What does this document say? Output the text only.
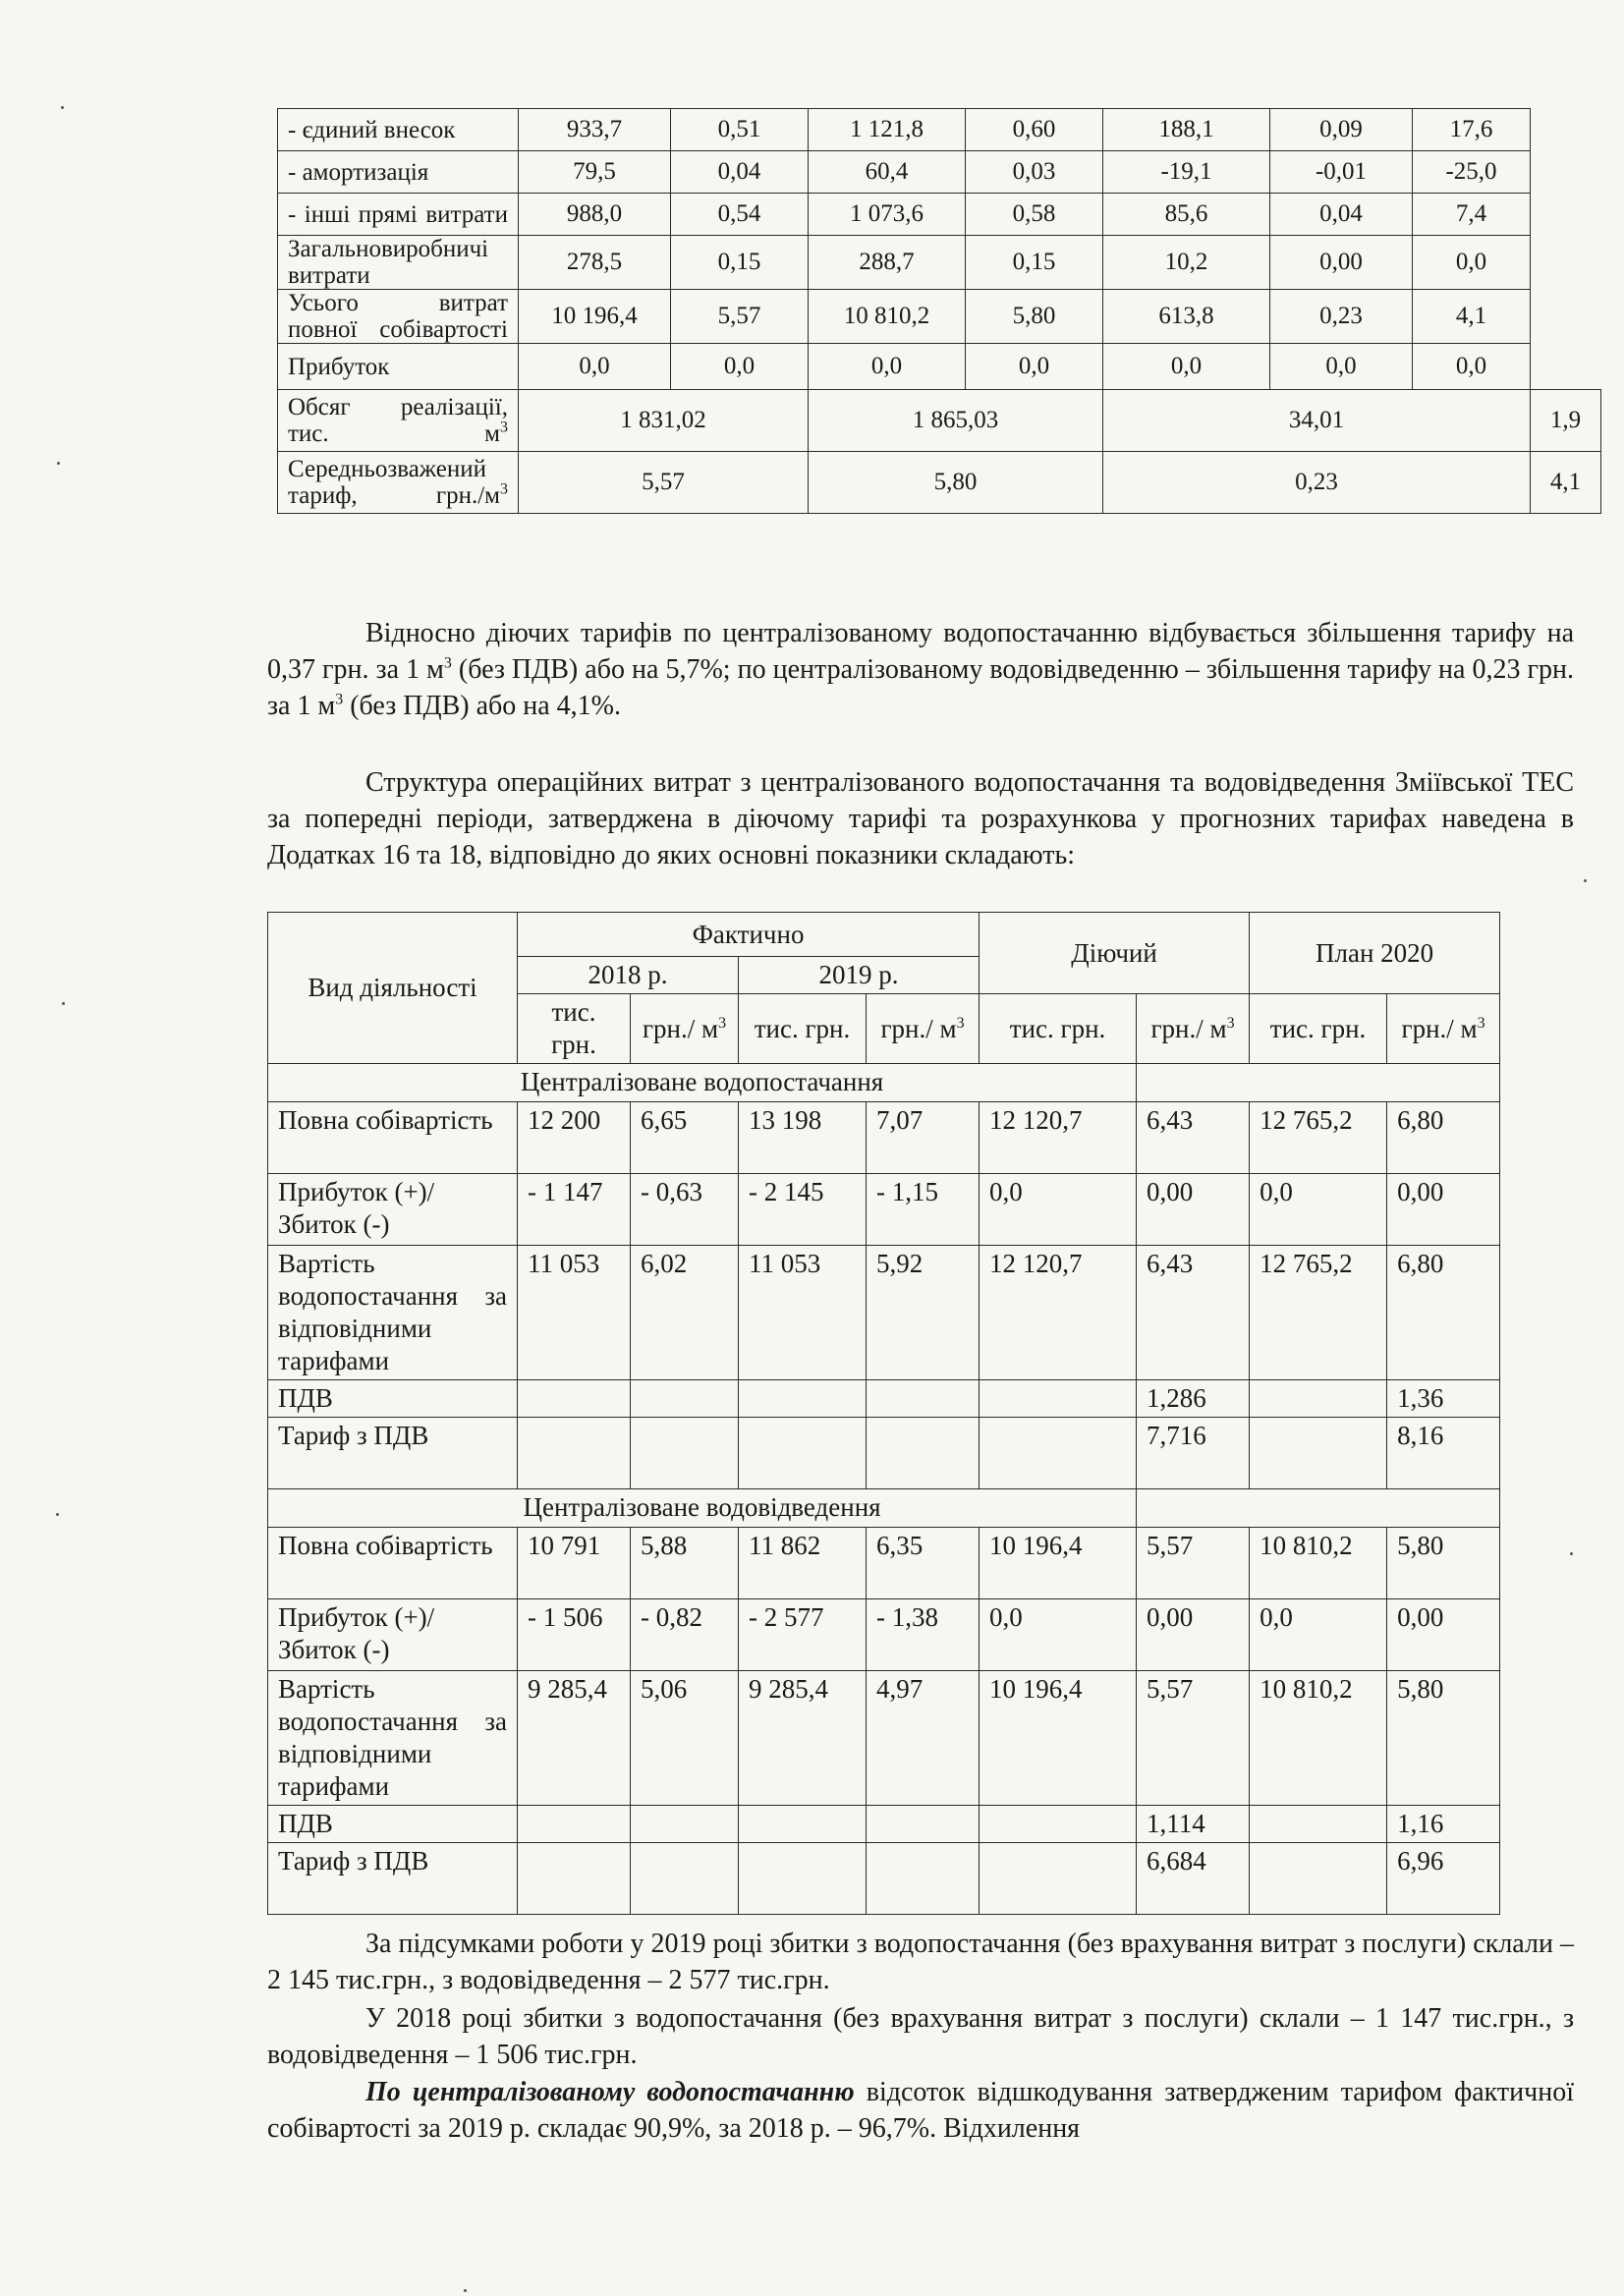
- єдиний внесок	933,7	0,51	1 121,8	0,60	188,1	0,09	17,6	
- амортизація	79,5	0,04	60,4	0,03	-19,1	-0,01	-25,0	
- інші прямі витрати	988,0	0,54	1 073,6	0,58	85,6	0,04	7,4	
Загальновиробничі витрати	278,5	0,15	288,7	0,15	10,2	0,00	0,0	
Усього витрат повної собівартості	10 196,4	5,57	10 810,2	5,80	613,8	0,23	4,1	
Прибуток	0,0	0,0	0,0	0,0	0,0	0,0	0,0	
Обсяг реалізації, тис. $м^3$	1 831,02		1 865,03		34,01			1,9
Середньозважений тариф, $грн./м^3$	5,57		5,80		0,23			4,1

Відносно діючих тарифів по централізованому водопостачанню відбувається збільшення тарифу на 0,37 грн. за 1 $м^3$ (без ПДВ) або на 5,7%; по централізованому водовідведенню – збільшення тарифу на 0,23 грн. за 1 $м^3$ (без ПДВ) або на 4,1%.

Структура операційних витрат з централізованого водопостачання та водовідведення Зміївської ТЕС за попередні періоди, затверджена в діючому тарифі та розрахункова у прогнозних тарифах наведена в Додатках 16 та 18, відповідно до яких основні показники складають:

Вид діяльності	Фактично				Діючий		План 2020	
	2018 р.		2019 р.					
	тис. грн.	грн./ $м^3$	тис. грн.	грн./ $м^3$	тис. грн.	грн./ $м^3$	тис. грн.	грн./ $м^3$
Централізоване водопостачання								
Повна собівартість	12 200	6,65	13 198	7,07	12 120,7	6,43	12 765,2	6,80
Прибуток (+)/ Збиток (-)	- 1 147	- 0,63	- 2 145	- 1,15	0,0	0,00	0,0	0,00
Вартість водопостачання за відповідними тарифами	11 053	6,02	11 053	5,92	12 120,7	6,43	12 765,2	6,80
ПДВ						1,286		1,36
Тариф з ПДВ						7,716		8,16
Централізоване водовідведення								
Повна собівартість	10 791	5,88	11 862	6,35	10 196,4	5,57	10 810,2	5,80
Прибуток (+)/ Збиток (-)	- 1 506	- 0,82	- 2 577	- 1,38	0,0	0,00	0,0	0,00
Вартість водопостачання за відповідними тарифами	9 285,4	5,06	9 285,4	4,97	10 196,4	5,57	10 810,2	5,80
ПДВ						1,114		1,16
Тариф з ПДВ						6,684		6,96

За підсумками роботи у 2019 році збитки з водопостачання (без врахування витрат з послуги) склали – 2 145 тис.грн., з водовідведення – 2 577 тис.грн.

У 2018 році збитки з водопостачання (без врахування витрат з послуги) склали – 1 147 тис.грн., з водовідведення – 1 506 тис.грн.

По централізованому водопостачанню відсоток відшкодування затвердженим тарифом фактичної собівартості за 2019 р. складає 90,9%, за 2018 р. – 96,7%. Відхилення
